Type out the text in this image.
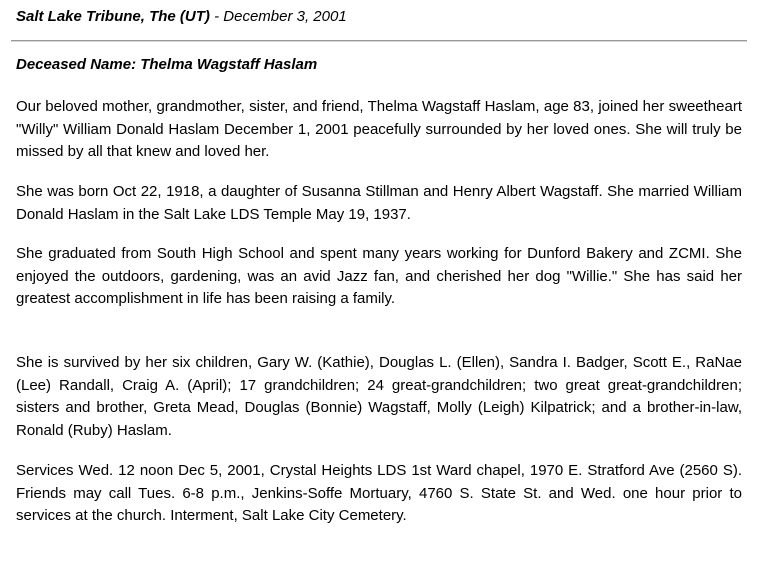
Salt Lake Tribune, The (UT) - December 3, 2001
Deceased Name: Thelma Wagstaff Haslam

Our beloved mother, grandmother, sister, and friend, Thelma Wagstaff Haslam, age 83, joined her sweetheart "Willy" William Donald Haslam December 1, 2001 peacefully surrounded by her loved ones. She will truly be missed by all that knew and loved her.

She was born Oct 22, 1918, a daughter of Susanna Stillman and Henry Albert Wagstaff. She married William Donald Haslam in the Salt Lake LDS Temple May 19, 1937.

She graduated from South High School and spent many years working for Dunford Bakery and ZCMI. She enjoyed the outdoors, gardening, was an avid Jazz fan, and cherished her dog "Willie." She has said her greatest accomplishment in life has been raising a family.

She is survived by her six children, Gary W. (Kathie), Douglas L. (Ellen), Sandra I. Badger, Scott E., RaNae (Lee) Randall, Craig A. (April); 17 grandchildren; 24 great-grandchildren; two great great-grandchildren; sisters and brother, Greta Mead, Douglas (Bonnie) Wagstaff, Molly (Leigh) Kilpatrick; and a brother-in-law, Ronald (Ruby) Haslam.

Services Wed. 12 noon Dec 5, 2001, Crystal Heights LDS 1st Ward chapel, 1970 E. Stratford Ave (2560 S). Friends may call Tues. 6-8 p.m., Jenkins-Soffe Mortuary, 4760 S. State St. and Wed. one hour prior to services at the church. Interment, Salt Lake City Cemetery.
